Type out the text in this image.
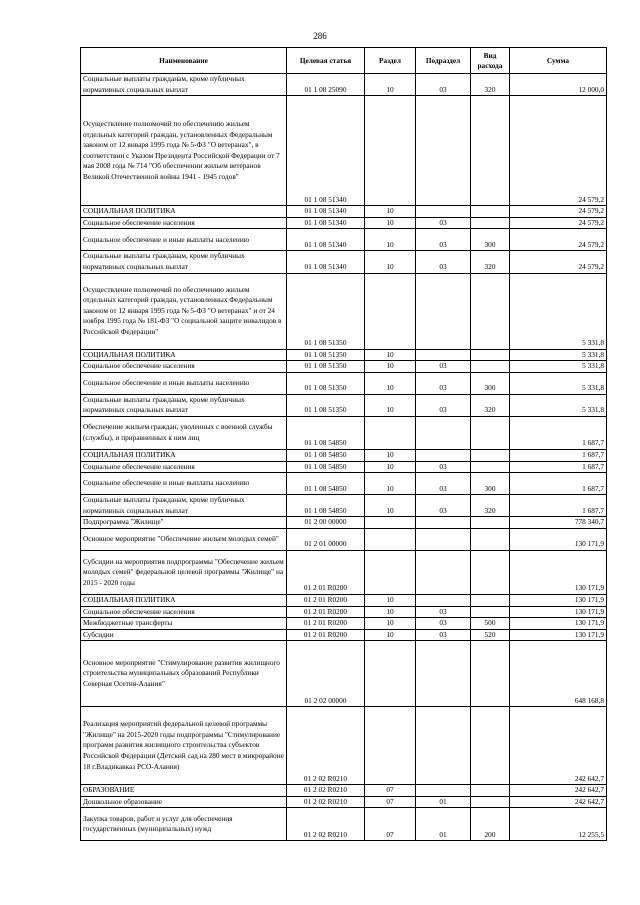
286
Наименование	Целевая статья	Раздел	Подраздел	Вид расхода	Сумма
Социальные выплаты гражданам, кроме публичных нормативных социальных выплат	01 1 08 25090	10	03	320	12 000,0
Осуществление полномочий по обеспечению жильем отдельных категорий граждан, установленных Федеральным законом от 12 января 1995 года № 5-ФЗ "О ветеранах", в соответствии с Указом Президента Российской Федерации от 7 мая 2008 года № 714 "Об обеспечении жильем ветеранов Великой Отечественной войны 1941 - 1945 годов"	01 1 08 51340				24 579,2
СОЦИАЛЬНАЯ ПОЛИТИКА	01 1 08 51340	10			24 579,2
Социальное обеспечение населения	01 1 08 51340	10	03		24 579,2
Социальное обеспечение и иные выплаты населению	01 1 08 51340	10	03	300	24 579,2
Социальные выплаты гражданам, кроме публичных нормативных социальных выплат	01 1 08 51340	10	03	320	24 579,2
Осуществление полномочий по обеспечению жильем отдельных категорий граждан, установленных Федеральным законом от 12 января 1995 года № 5-ФЗ "О ветеранах" и от 24 ноября 1995 года № 181-ФЗ "О социальной защите инвалидов в Российской Федерации"	01 1 08 51350				5 331,8
СОЦИАЛЬНАЯ ПОЛИТИКА	01 1 08 51350	10			5 331,8
Социальное обеспечение населения	01 1 08 51350	10	03		5 331,8
Социальное обеспечение и иные выплаты населению	01 1 08 51350	10	03	300	5 331,8
Социальные выплаты гражданам, кроме публичных нормативных социальных выплат	01 1 08 51350	10	03	320	5 331,8
Обеспечение жильем граждан, уволенных с военной службы (службы), и приравненных к ним лиц	01 1 08 54850				1 687,7
СОЦИАЛЬНАЯ ПОЛИТИКА	01 1 08 54850	10			1 687,7
Социальное обеспечение населения	01 1 08 54850	10	03		1 687,7
Социальное обеспечение и иные выплаты населению	01 1 08 54850	10	03	300	1 687,7
Социальные выплаты гражданам, кроме публичных нормативных социальных выплат	01 1 08 54850	10	03	320	1 687,7
Подпрограмма "Жилище"	01 2 00 00000				778 340,7
Основное мероприятие "Обеспечение жильем молодых семей"	01 2 01 00000				130 171,9
Субсидии на мероприятия подпрограммы "Обеспечение жильем молодых семей" федеральной целевой программы "Жилище" на 2015 - 2020 годы	01 2 01 R0200				130 171,9
СОЦИАЛЬНАЯ ПОЛИТИКА	01 2 01 R0200	10			130 171,9
Социальное обеспечение населения	01 2 01 R0200	10	03		130 171,9
Межбюджетные трансферты	01 2 01 R0200	10	03	500	130 171,9
Субсидии	01 2 01 R0200	10	03	520	130 171,9
Основное мероприятие "Стимулирование развития жилищного строительства муниципальных образований Республики Северная Осетия-Алания"	01 2 02 00000				648 168,8
Реализация мероприятий федеральной целевой программы "Жилище" на 2015-2020 годы подпрограммы "Стимулирование программ развития жилищного строительства субъектов Российской Федерации (Детский сад на 280 мест в микрорайоне 18 г.Владикавказ РСО-Алания)	01 2 02 R0210				242 642,7
ОБРАЗОВАНИЕ	01 2 02 R0210	07			242 642,7
Дошкольное образование	01 2 02 R0210	07	01		242 642,7
Закупка товаров, работ и услуг для обеспечения государственных (муниципальных) нужд	01 2 02 R0210	07	01	200	12 255,5
